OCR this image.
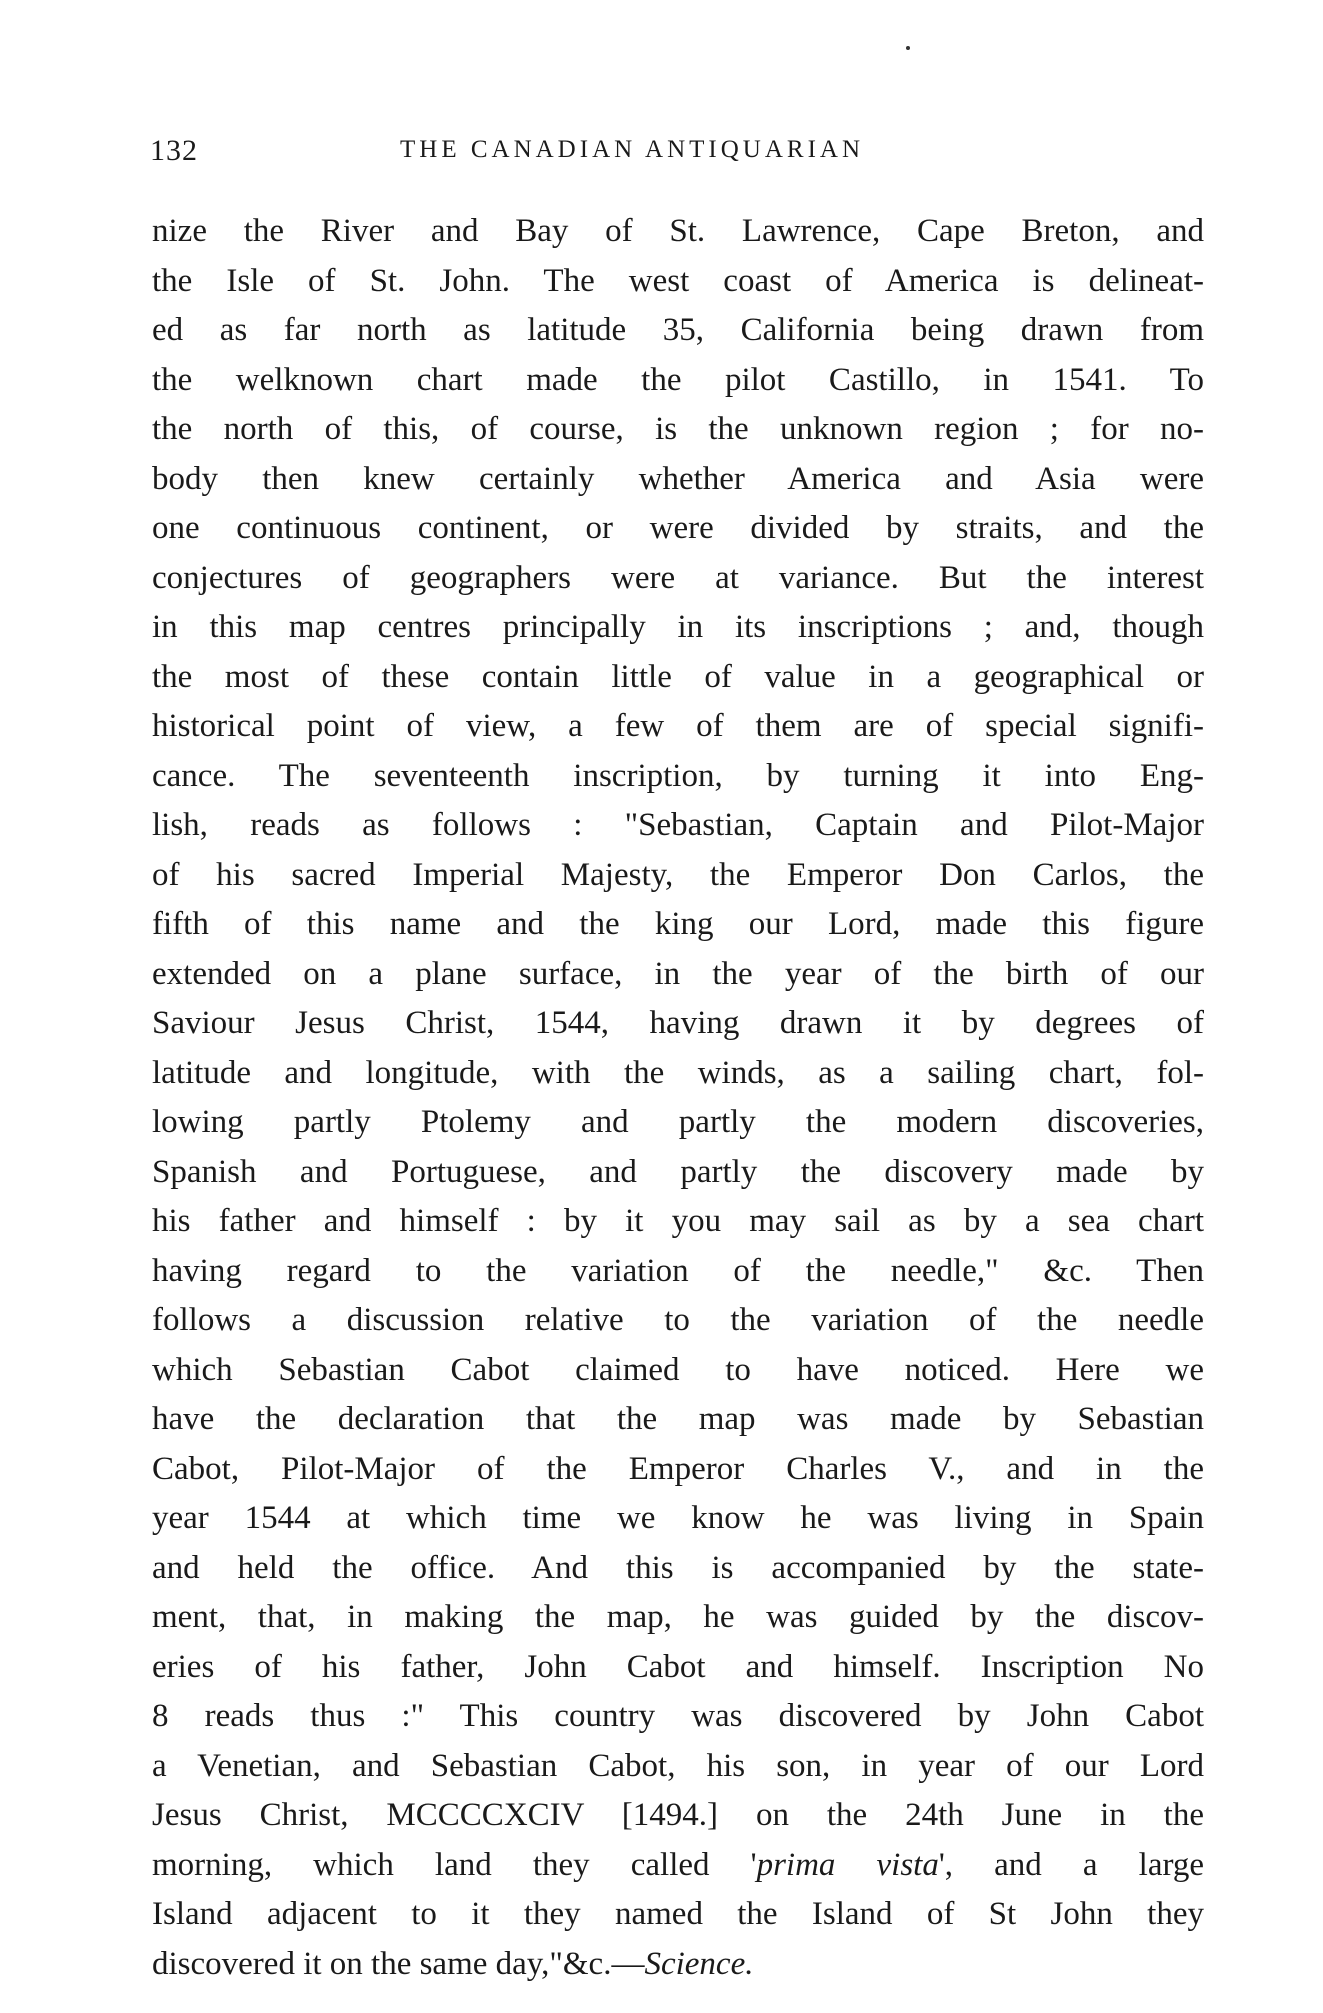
132	THE CANADIAN ANTIQUARIAN
nize the River and Bay of St. Lawrence, Cape Breton, and
the Isle of St. John. The west coast of America is delineat-
ed as far north as latitude 35, California being drawn from
the welknown chart made the pilot Castillo, in 1541. To
the north of this, of course, is the unknown region ; for no-
body then knew certainly whether America and Asia were
one continuous continent, or were divided by straits, and the
conjectures of geographers were at variance. But the interest
in this map centres principally in its inscriptions ; and, though
the most of these contain little of value in a geographical or
historical point of view, a few of them are of special signifi-
cance. The seventeenth inscription, by turning it into Eng-
lish, reads as follows : "Sebastian, Captain and Pilot-Major
of his sacred Imperial Majesty, the Emperor Don Carlos, the
fifth of this name and the king our Lord, made this figure
extended on a plane surface, in the year of the birth of our
Saviour Jesus Christ, 1544, having drawn it by degrees of
latitude and longitude, with the winds, as a sailing chart, fol-
lowing partly Ptolemy and partly the modern discoveries,
Spanish and Portuguese, and partly the discovery made by
his father and himself : by it you may sail as by a sea chart
having regard to the variation of the needle," &c. Then
follows a discussion relative to the variation of the needle
which Sebastian Cabot claimed to have noticed. Here we
have the declaration that the map was made by Sebastian
Cabot, Pilot-Major of the Emperor Charles V., and in the
year 1544 at which time we know he was living in Spain
and held the office. And this is accompanied by the state-
ment, that, in making the map, he was guided by the discov-
eries of his father, John Cabot and himself. Inscription No
8 reads thus :" This country was discovered by John Cabot
a Venetian, and Sebastian Cabot, his son, in year of our Lord
Jesus Christ, MCCCCXCIV [1494.] on the 24th June in the
morning, which land they called 'prima vista', and a large
Island adjacent to it they named the Island of St John they
discovered it on the same day,"&c.—Science.
